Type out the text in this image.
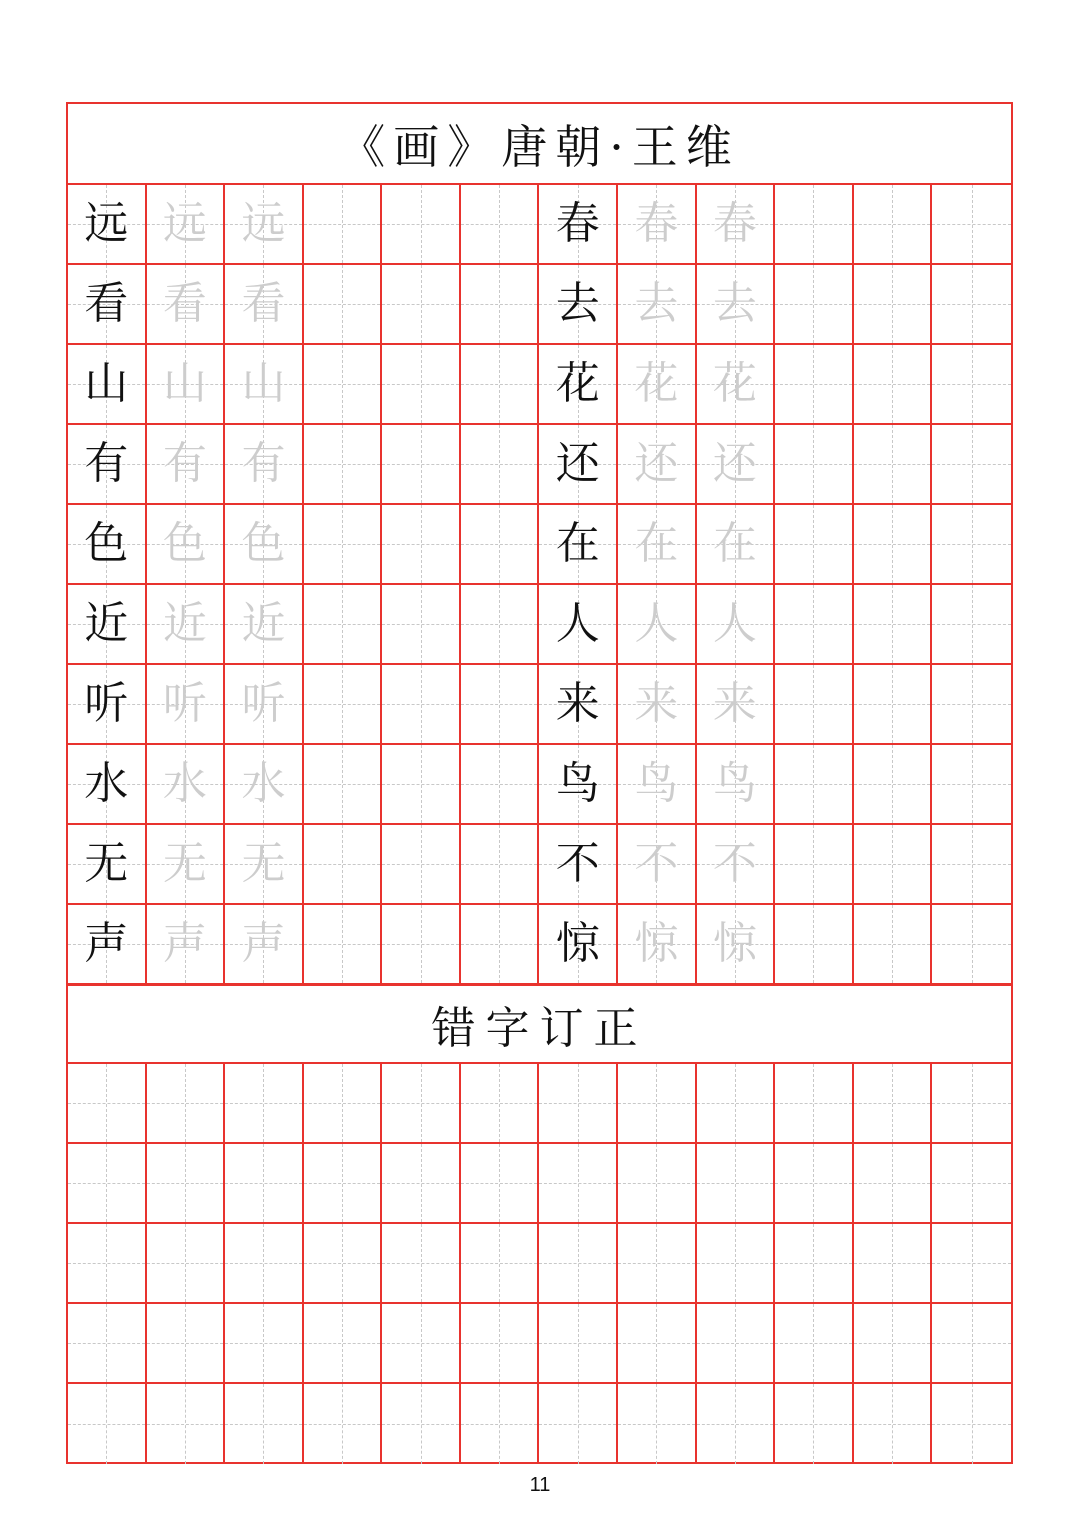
《画》唐朝·王维
远 远 远	春 春 春
看 看 看	去 去 去
山 山 山	花 花 花
有 有 有	还 还 还
色 色 色	在 在 在
近 近 近	人 人 人
听 听 听	来 来 来
水 水 水	鸟 鸟 鸟
无 无 无	不 不 不
声 声 声	惊 惊 惊
错字订正
11
